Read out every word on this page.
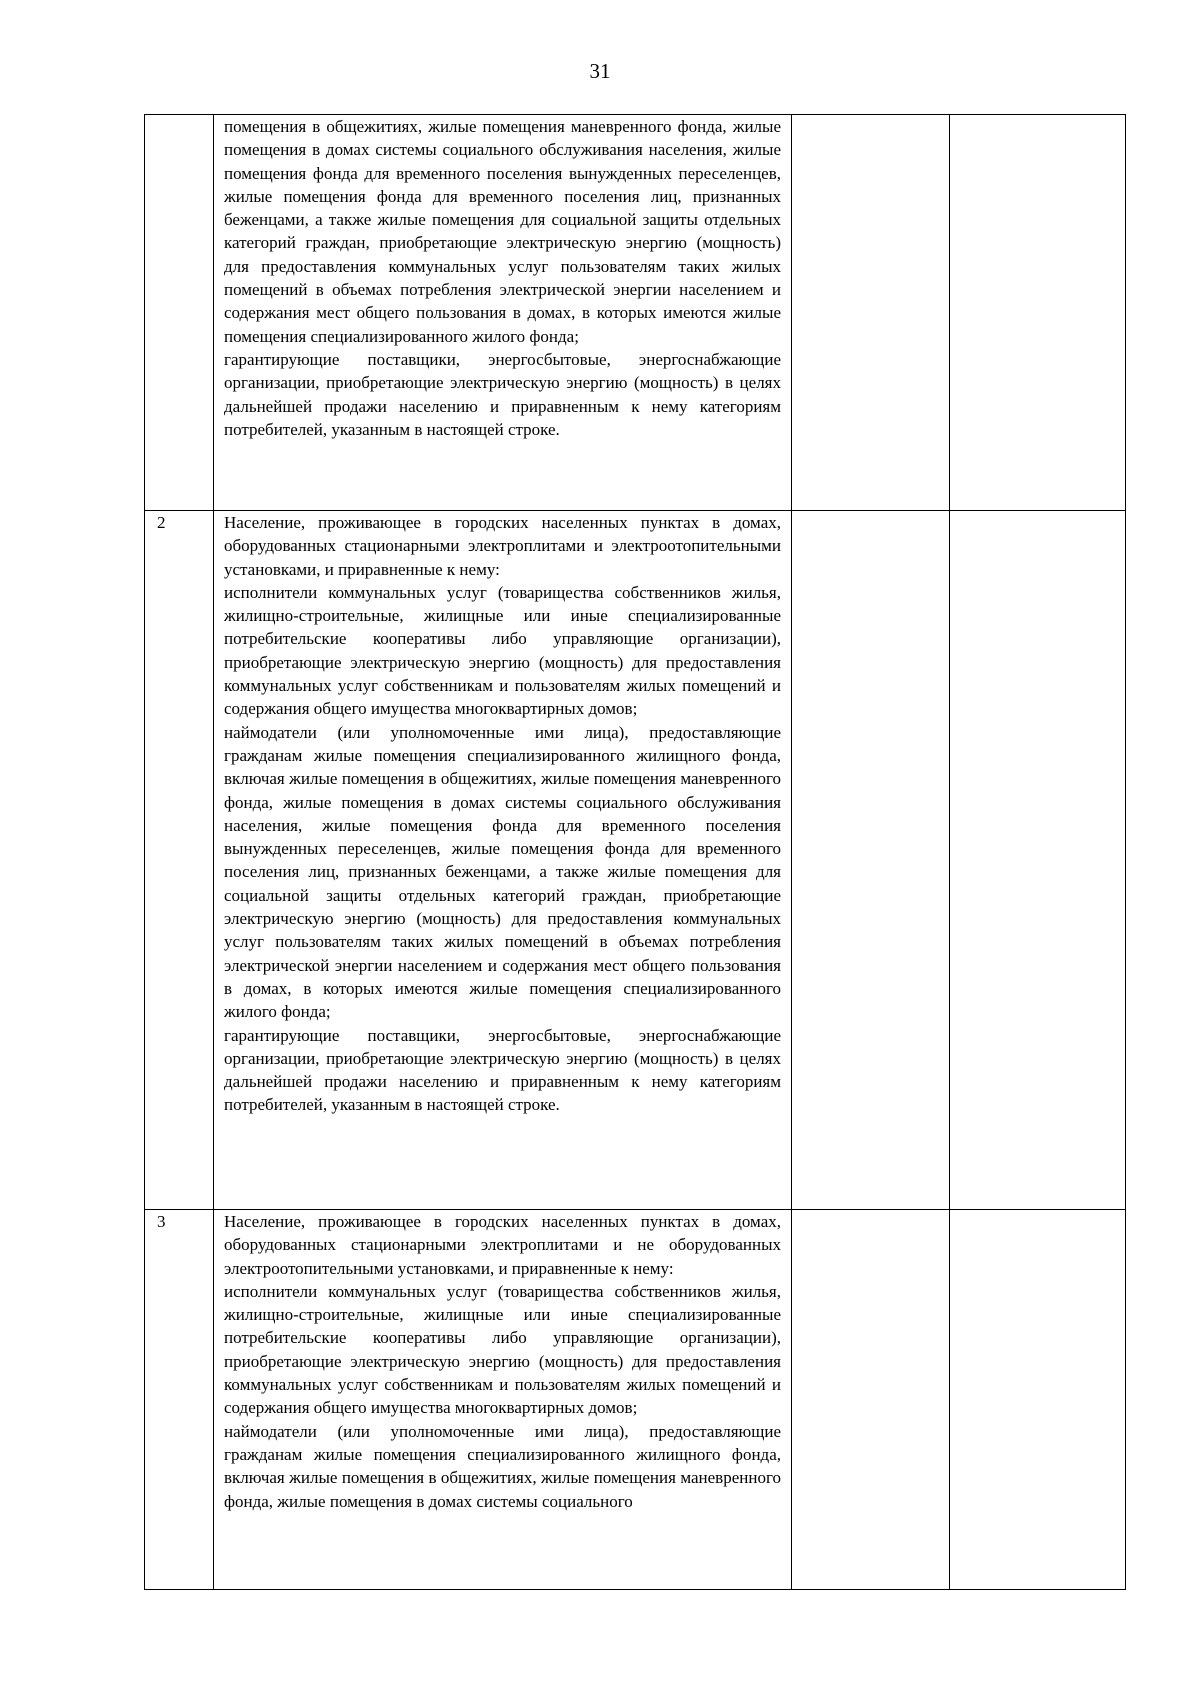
31

	помещения в общежитиях, жилые помещения маневренного фонда, жилые помещения в домах системы социального обслуживания населения, жилые помещения фонда для временного поселения вынужденных переселенцев, жилые помещения фонда для временного поселения лиц, признанных беженцами, а также жилые помещения для социальной защиты отдельных категорий граждан, приобретающие электрическую энергию (мощность) для предоставления коммунальных услуг пользователям таких жилых помещений в объемах потребления электрической энергии населением и содержания мест общего пользования в домах, в которых имеются жилые помещения специализированного жилого фонда;

гарантирующие поставщики, энергосбытовые, энергоснабжающие организации, приобретающие электрическую энергию (мощность) в целях дальнейшей продажи населению и приравненным к нему категориям потребителей, указанным в настоящей строке.		

2	Население, проживающее в городских населенных пунктах в домах, оборудованных стационарными электроплитами и электроотопительными установками, и приравненные к нему:

исполнители коммунальных услуг (товарищества собственников жилья, жилищно-строительные, жилищные или иные специализированные потребительские кооперативы либо управляющие организации), приобретающие электрическую энергию (мощность) для предоставления коммунальных услуг собственникам и пользователям жилых помещений и содержания общего имущества многоквартирных домов;

наймодатели (или уполномоченные ими лица), предоставляющие гражданам жилые помещения специализированного жилищного фонда, включая жилые помещения в общежитиях, жилые помещения маневренного фонда, жилые помещения в домах системы социального обслуживания населения, жилые помещения фонда для временного поселения вынужденных переселенцев, жилые помещения фонда для временного поселения лиц, признанных беженцами, а также жилые помещения для социальной защиты отдельных категорий граждан, приобретающие электрическую энергию (мощность) для предоставления коммунальных услуг пользователям таких жилых помещений в объемах потребления электрической энергии населением и содержания мест общего пользования в домах, в которых имеются жилые помещения специализированного жилого фонда;

гарантирующие поставщики, энергосбытовые, энергоснабжающие организации, приобретающие электрическую энергию (мощность) в целях дальнейшей продажи населению и приравненным к нему категориям потребителей, указанным в настоящей строке.		

3	Население, проживающее в городских населенных пунктах в домах, оборудованных стационарными электроплитами и не оборудованных электроотопительными установками, и приравненные к нему:

исполнители коммунальных услуг (товарищества собственников жилья, жилищно-строительные, жилищные или иные специализированные потребительские кооперативы либо управляющие организации), приобретающие электрическую энергию (мощность) для предоставления коммунальных услуг собственникам и пользователям жилых помещений и содержания общего имущества многоквартирных домов;

наймодатели (или уполномоченные ими лица), предоставляющие гражданам жилые помещения специализированного жилищного фонда, включая жилые помещения в общежитиях, жилые помещения маневренного фонда, жилые помещения в домах системы социального		
